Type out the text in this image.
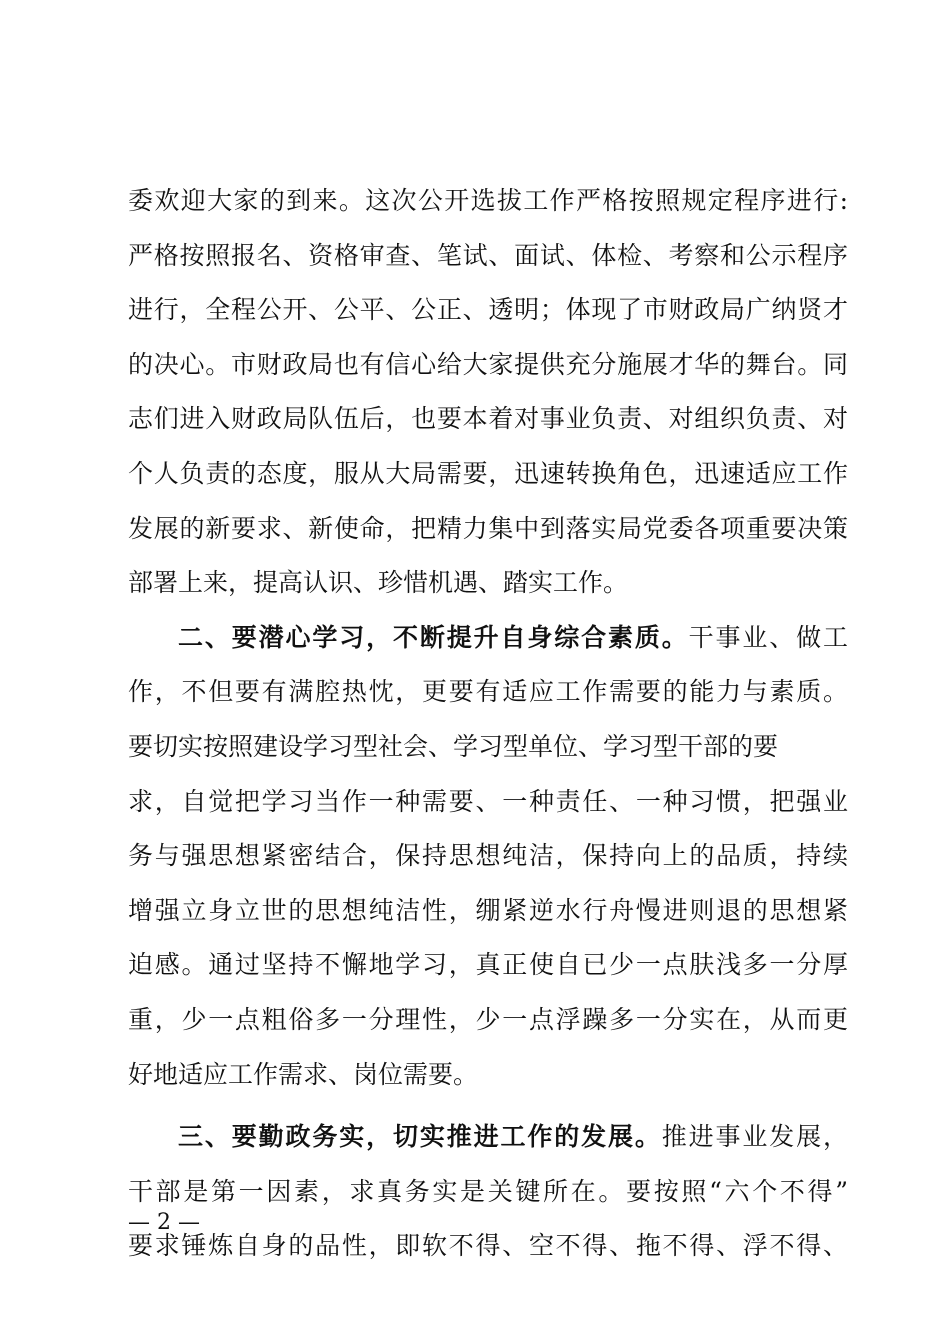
委欢迎大家的到来。这次公开选拔工作严格按照规定程序进行:
严格按照报名、资格审查、笔试、面试、体检、考察和公示程序
进行，全程公开、公平、公正、透明；体现了市财政局广纳贤才
的决心。市财政局也有信心给大家提供充分施展才华的舞台。同
志们进入财政局队伍后，也要本着对事业负责、对组织负责、对
个人负责的态度，服从大局需要，迅速转换角色，迅速适应工作
发展的新要求、新使命，把精力集中到落实局党委各项重要决策
部署上来，提高认识、珍惜机遇、踏实工作。
二、要潜心学习，不断提升自身综合素质。干事业、做工
作，不但要有满腔热忱，更要有适应工作需要的能力与素质。
要切实按照建设学习型社会、学习型单位、学习型干部的要
求，自觉把学习当作一种需要、一种责任、一种习惯，把强业
务与强思想紧密结合，保持思想纯洁，保持向上的品质，持续
增强立身立世的思想纯洁性，绷紧逆水行舟慢进则退的思想紧
迫感。通过坚持不懈地学习，真正使自已少一点肤浅多一分厚
重，少一点粗俗多一分理性，少一点浮躁多一分实在，从而更
好地适应工作需求、岗位需要。
三、要勤政务实，切实推进工作的发展。推进事业发展，
干部是第一因素，求真务实是关键所在。要按照“六个不得”
要求锤炼自身的品性，即软不得、空不得、拖不得、浮不得、
— 2 —
